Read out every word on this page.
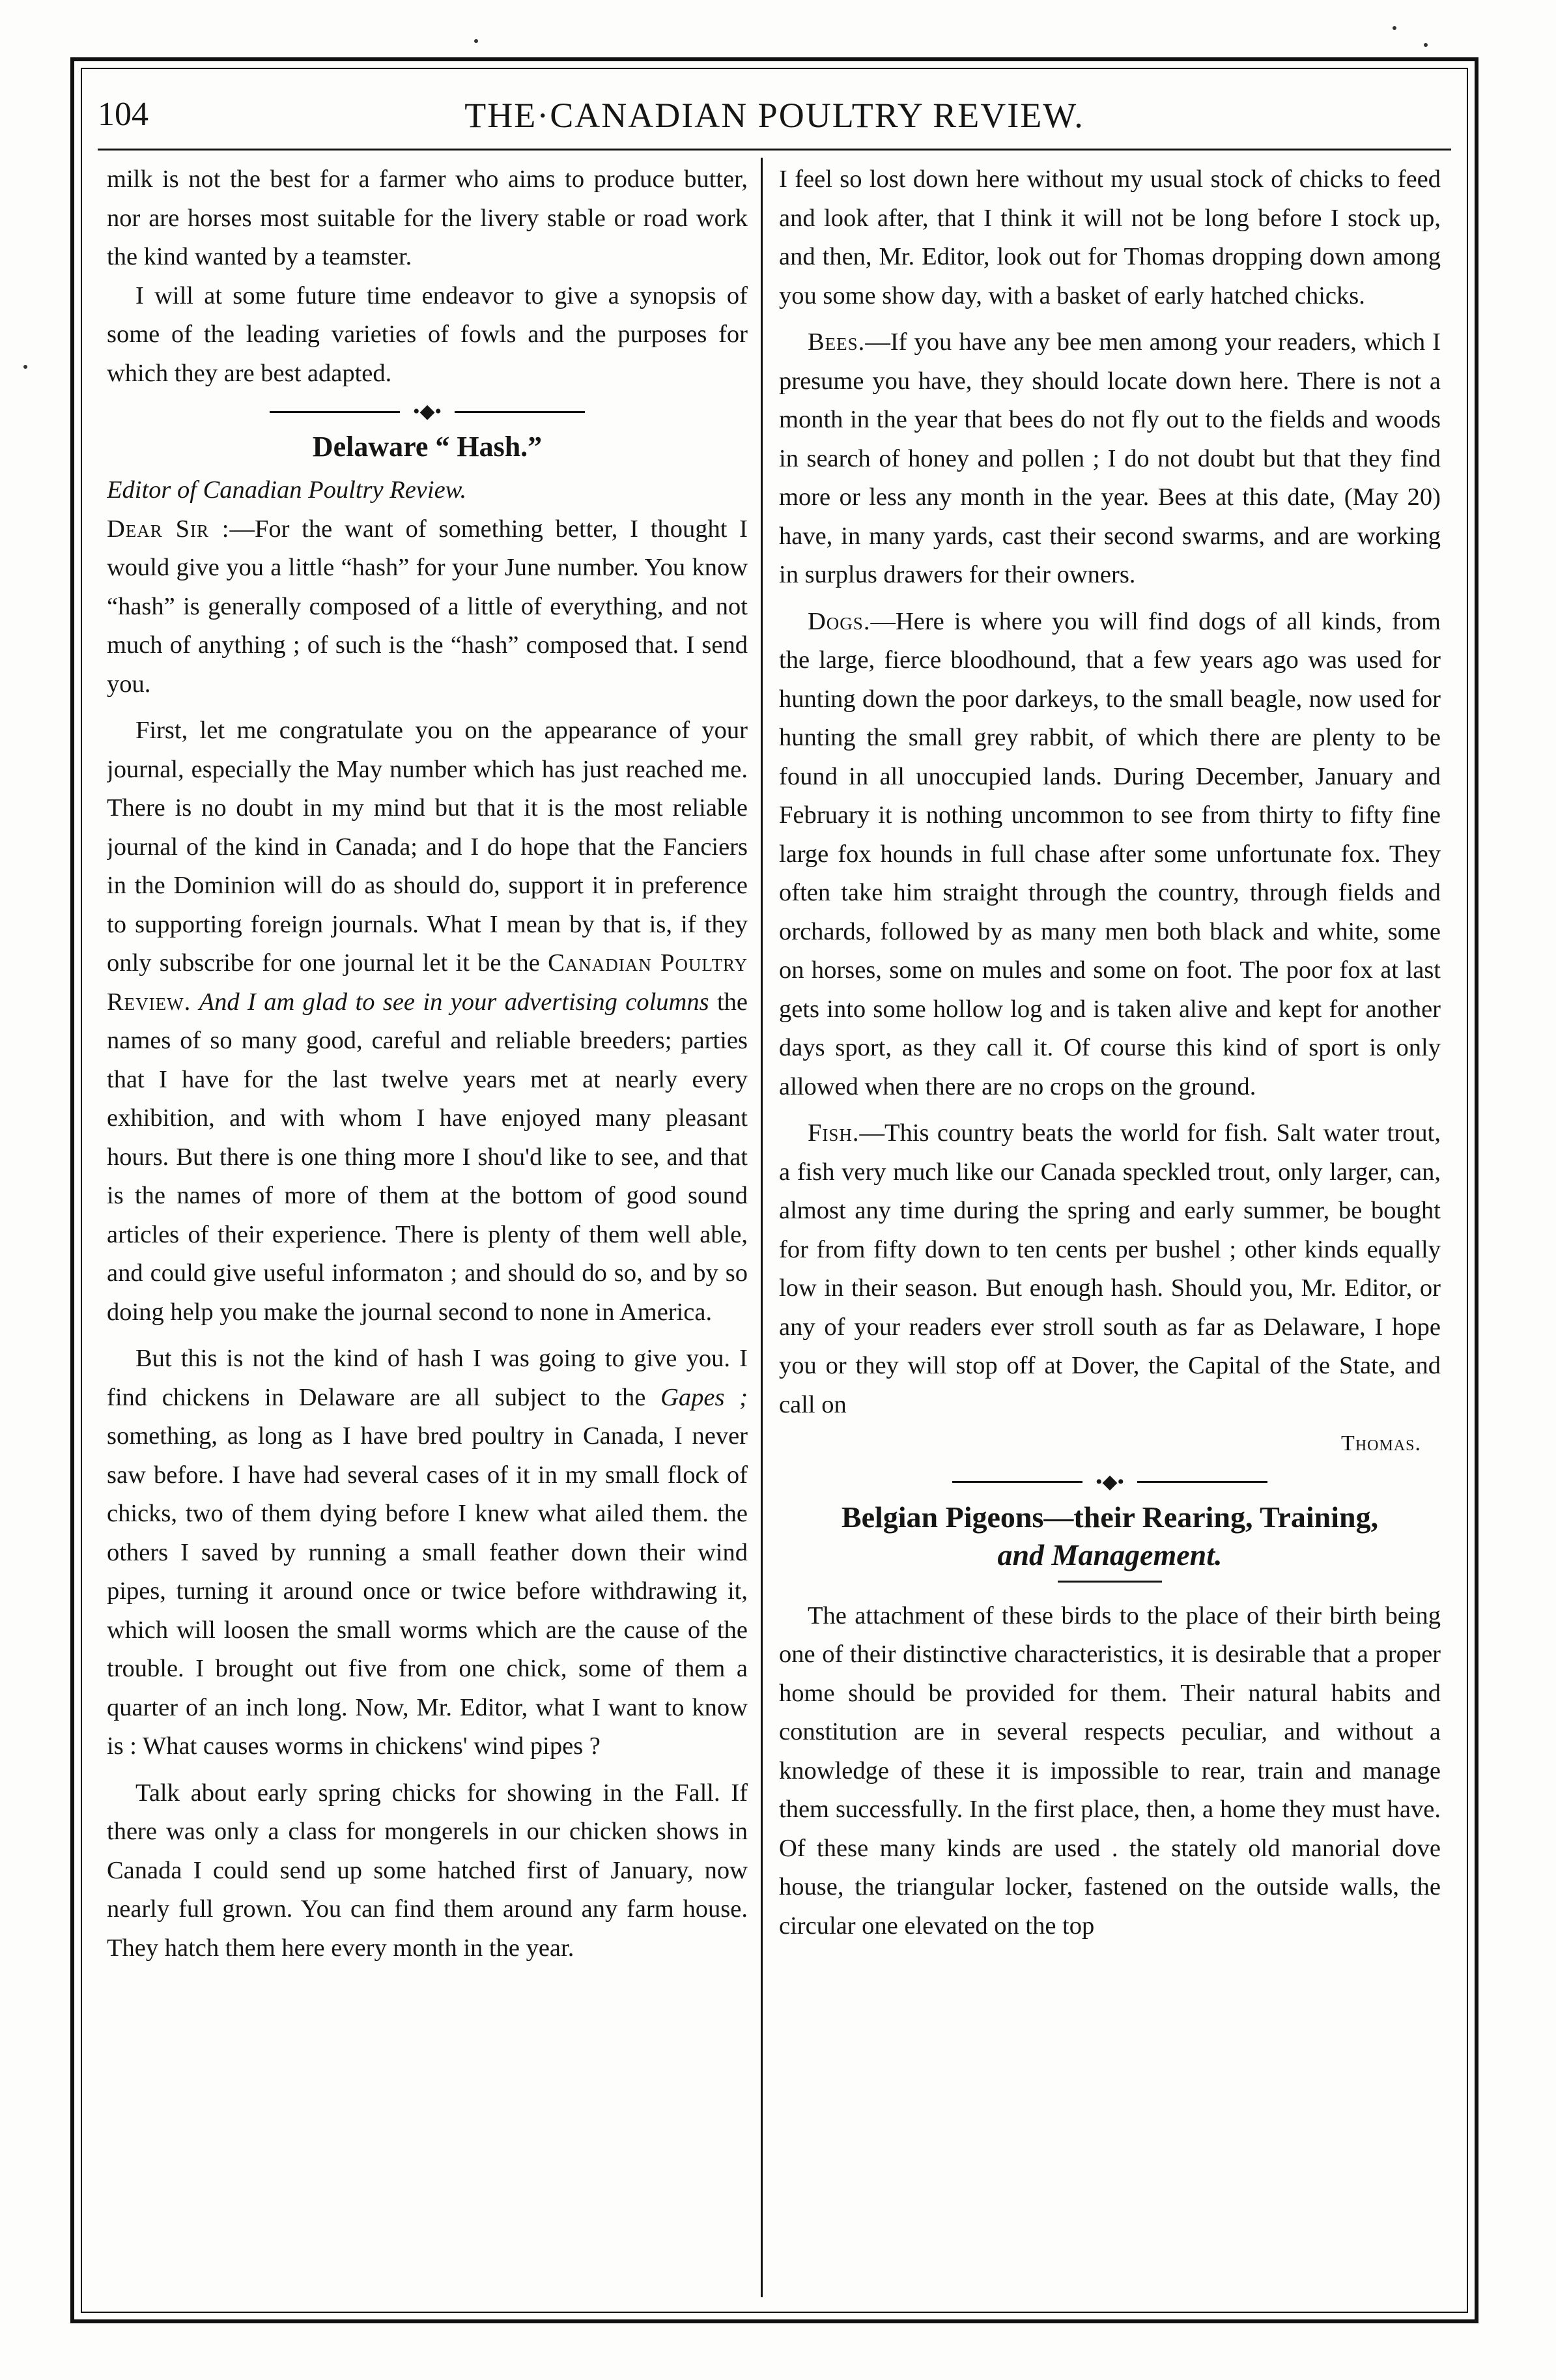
104	THE·CANADIAN POULTRY REVIEW.

milk is not the best for a farmer who aims to produce butter, nor are horses most suitable for the livery stable or road work the kind wanted by a teamster.

I will at some future time endeavor to give a synopsis of some of the leading varieties of fowls and the purposes for which they are best adapted.

•◆•

Delaware “ Hash.”

Editor of Canadian Poultry Review.

Dear Sir :—For the want of something better, I thought I would give you a little “hash” for your June number. You know “hash” is generally composed of a little of everything, and not much of anything ; of such is the “hash” composed that. I send you.

First, let me congratulate you on the appearance of your journal, especially the May number which has just reached me. There is no doubt in my mind but that it is the most reliable journal of the kind in Canada; and I do hope that the Fanciers in the Dominion will do as should do, support it in preference to supporting foreign journals. What I mean by that is, if they only subscribe for one journal let it be the Canadian Poultry Review. And I am glad to see in your advertising columns the names of so many good, careful and reliable breeders; parties that I have for the last twelve years met at nearly every exhibition, and with whom I have enjoyed many pleasant hours. But there is one thing more I shou'd like to see, and that is the names of more of them at the bottom of good sound articles of their experience. There is plenty of them well able, and could give useful informaton ; and should do so, and by so doing help you make the journal second to none in America.

But this is not the kind of hash I was going to give you. I find chickens in Delaware are all subject to the Gapes ; something, as long as I have bred poultry in Canada, I never saw before. I have had several cases of it in my small flock of chicks, two of them dying before I knew what ailed them. the others I saved by running a small feather down their wind pipes, turning it around once or twice before withdrawing it, which will loosen the small worms which are the cause of the trouble. I brought out five from one chick, some of them a quarter of an inch long. Now, Mr. Editor, what I want to know is : What causes worms in chickens' wind pipes ?

Talk about early spring chicks for showing in the Fall. If there was only a class for mongerels in our chicken shows in Canada I could send up some hatched first of January, now nearly full grown. You can find them around any farm house. They hatch them here every month in the year.

I feel so lost down here without my usual stock of chicks to feed and look after, that I think it will not be long before I stock up, and then, Mr. Editor, look out for Thomas dropping down among you some show day, with a basket of early hatched chicks.

Bees.—If you have any bee men among your readers, which I presume you have, they should locate down here. There is not a month in the year that bees do not fly out to the fields and woods in search of honey and pollen ; I do not doubt but that they find more or less any month in the year. Bees at this date, (May 20) have, in many yards, cast their second swarms, and are working in surplus drawers for their owners.

Dogs.—Here is where you will find dogs of all kinds, from the large, fierce bloodhound, that a few years ago was used for hunting down the poor darkeys, to the small beagle, now used for hunting the small grey rabbit, of which there are plenty to be found in all unoccupied lands. During December, January and February it is nothing uncommon to see from thirty to fifty fine large fox hounds in full chase after some unfortunate fox. They often take him straight through the country, through fields and orchards, followed by as many men both black and white, some on horses, some on mules and some on foot. The poor fox at last gets into some hollow log and is taken alive and kept for another days sport, as they call it. Of course this kind of sport is only allowed when there are no crops on the ground.

Fish.—This country beats the world for fish. Salt water trout, a fish very much like our Canada speckled trout, only larger, can, almost any time during the spring and early summer, be bought for from fifty down to ten cents per bushel ; other kinds equally low in their season. But enough hash. Should you, Mr. Editor, or any of your readers ever stroll south as far as Delaware, I hope you or they will stop off at Dover, the Capital of the State, and call on

Thomas.

•◆•

Belgian Pigeons—their Rearing, Training,

and Management.

The attachment of these birds to the place of their birth being one of their distinctive characteristics, it is desirable that a proper home should be provided for them. Their natural habits and constitution are in several respects peculiar, and without a knowledge of these it is impossible to rear, train and manage them successfully. In the first place, then, a home they must have. Of these many kinds are used . the stately old manorial dove house, the triangular locker, fastened on the outside walls, the circular one elevated on the top
